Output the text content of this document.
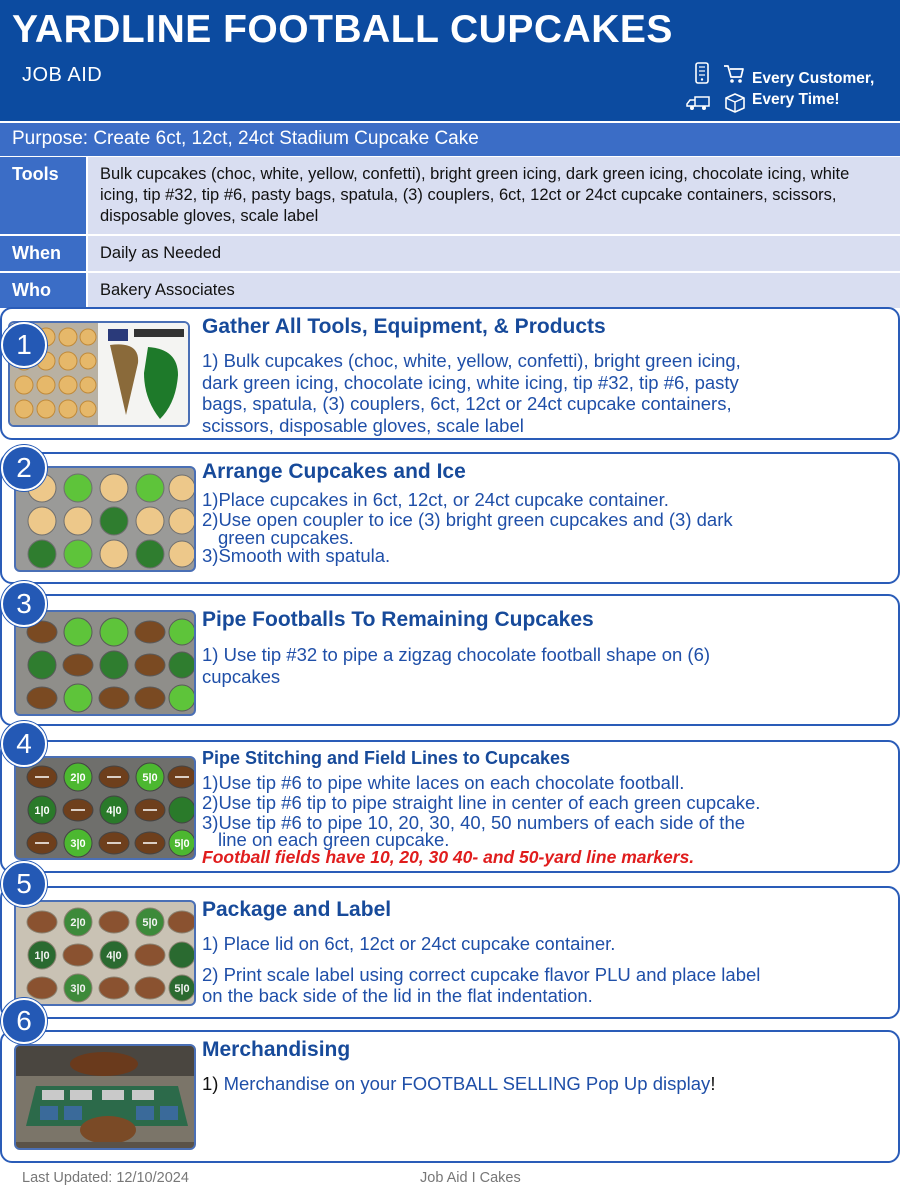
YARDLINE FOOTBALL CUPCAKES
JOB AID	Every Customer,
Every Time!
Purpose: Create 6ct, 12ct, 24ct Stadium Cupcake Cake
Tools	Bulk cupcakes (choc, white, yellow, confetti), bright green icing, dark green icing, chocolate icing, white icing, tip #32, tip #6, pasty bags, spatula, (3) couplers, 6ct, 12ct or 24ct cupcake containers, scissors, disposable gloves, scale label
When	Daily as Needed
Who	Bakery Associates
Gather All Tools, Equipment, & Products

1) Bulk cupcakes (choc, white, yellow, confetti), bright green icing,

dark green icing, chocolate icing, white icing, tip #32, tip #6, pasty

bags, spatula, (3) couplers, 6ct, 12ct or 24ct cupcake containers,

scissors, disposable gloves, scale label

1
Arrange Cupcakes and Ice

1)Place cupcakes in 6ct, 12ct, or 24ct cupcake container.

2)Use open coupler to ice (3) bright green cupcakes and (3) dark

green cupcakes.

3)Smooth with spatula.

2
Pipe Footballs To Remaining Cupcakes

1) Use tip #32 to pipe a zigzag chocolate football shape on (6)

cupcakes

3
2|0	5|0
1|0	4|0
3|0	5|0
Pipe Stitching and Field Lines to Cupcakes

1)Use tip #6 to pipe white laces on each chocolate football.

2)Use tip #6 tip to pipe straight line in center of each green cupcake.

3)Use tip #6 to pipe 10, 20, 30, 40, 50 numbers of each side of the

line on each green cupcake.

Football fields have 10, 20, 30 40- and 50-yard line markers.

4
2|0	5|0
1|0	4|0
3|0	5|0
Package and Label

1) Place lid on 6ct, 12ct or 24ct cupcake container.

2) Print scale label using correct cupcake flavor PLU and place label

on the back side of the lid in the flat indentation.

5
Merchandising

1) Merchandise on your FOOTBALL SELLING Pop Up display!

6
Last Updated: 12/10/2024	Job Aid I Cakes
